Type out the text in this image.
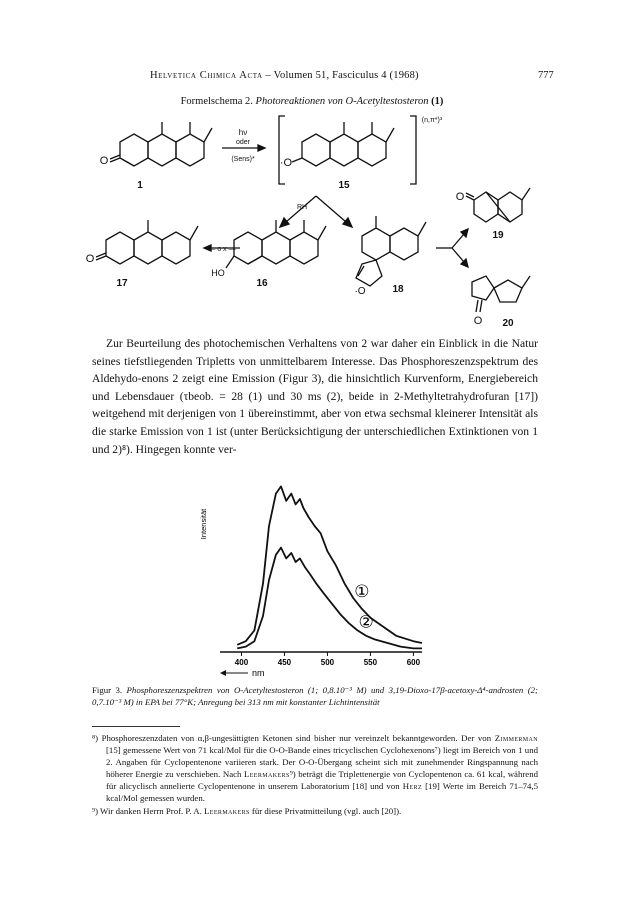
Helvetica Chimica Acta – Volumen 51, Fasciculus 4 (1968)	777
Formelschema 2. Photoreaktionen von O-Acetyltestosteron (1)
1
O
hν
oder
(Sens)*
(n,π*)³
·O
15
RH
O
17
— o x —
HO
16
·O	18
O
19
O 20

Zur Beurteilung des photochemischen Verhaltens von 2 war daher ein Einblick in die Natur seines tiefstliegenden Tripletts von unmittelbarem Interesse. Das Phosphoreszenzspektrum des Aldehydo-enons 2 zeigt eine Emission (Figur 3), die hinsichtlich Kurvenform, Energiebereich und Lebensdauer (τbeob. = 28 (1) und 30 ms (2), beide in 2-Methyltetrahydrofuran [17]) weitgehend mit derjenigen von 1 übereinstimmt, aber von etwa sechsmal kleinerer Intensität als die starke Emission von 1 ist (unter Berücksichtigung der unterschiedlichen Extinktionen von 1 und 2)⁸). Hingegen konnte ver-

①
②
400	450	500	550	600
Intensität
nm
Figur 3. Phosphoreszenzspektren von O-Acetyltestosteron (1; 0,8.10⁻³ M) und 3,19-Dioxo-17β-acetoxy-Δ⁴-androsten (2; 0,7.10⁻³ M) in EPA bei 77°K; Anregung bei 313 nm mit konstanter Lichtintensität

⁸) Phosphoreszenzdaten von α,β-ungesättigten Ketonen sind bisher nur vereinzelt bekanntgeworden. Der von Zimmerman [15] gemessene Wert von 71 kcal/Mol für die O-O-Bande eines tricyclischen Cyclohexenons⁷) liegt im Bereich von 1 und 2. Angaben für Cyclopentenone variieren stark. Der O-O-Übergang scheint sich mit zunehmender Ringspannung nach höherer Energie zu verschieben. Nach Leermakers⁹) beträgt die Triplettenergie von Cyclopentenon ca. 61 kcal, während für alicyclisch annelierte Cyclopentenone in unserem Laboratorium [18] und von Herz [19] Werte im Bereich 71–74,5 kcal/Mol gemessen wurden.

⁹) Wir danken Herrn Prof. P. A. Leermakers für diese Privatmitteilung (vgl. auch [20]).
